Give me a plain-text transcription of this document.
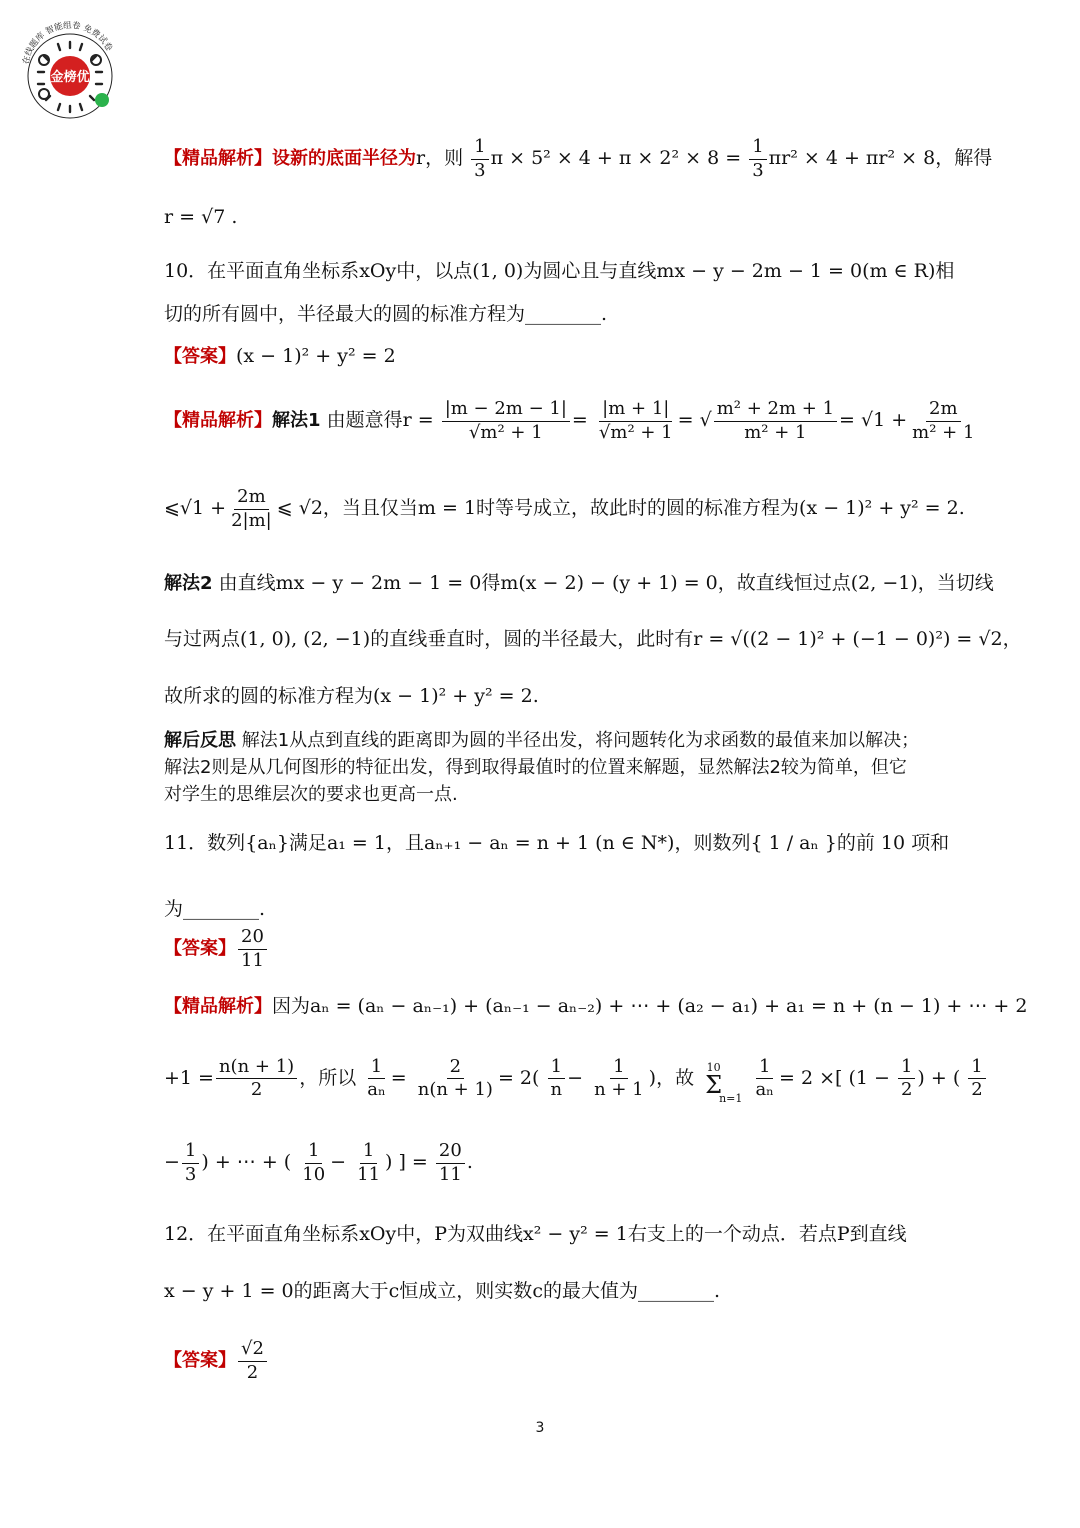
金榜优
在线题库 智能组卷 免费试卷
【精品解析】设新的底面半径为r，则 $\frac{1}{3}$ $\pi \times 5^2 \times 4 + \pi \times 2^2 \times 8 = \frac{1}{3} \pi r^2 \times 4 + \pi r^2 \times 8$，解得
r = √7 .
10．在平面直角坐标系xOy中，以点(1, 0)为圆心且与直线mx − y − 2m − 1 = 0(m ∈ R)相
切的所有圆中，半径最大的圆的标准方程为________.
【答案】(x − 1)² + y² = 2
【精品解析】解法1 由题意得$r = \frac{|m - 2m - 1|}{\text{√m² + 1}} = \frac{|m + 1|}{\text{√m² + 1}}$ = √ $\frac{\text{m² + 2m + 1}}{\text{m² + 1}} = √1 + \frac{2m}{\text{m² + 1}}$
⩽√1 + $\frac{2m}{2|m|}$ ⩽ √2，当且仅当m = 1时等号成立，故此时的圆的标准方程为(x − 1)² + y² = 2.
解法2 由直线mx − y − 2m − 1 = 0得m(x − 2) − (y + 1) = 0，故直线恒过点(2, −1)，当切线
与过两点(1, 0), (2, −1)的直线垂直时，圆的半径最大，此时有r = √((2 − 1)² + (−1 − 0)²) = √2，
故所求的圆的标准方程为(x − 1)² + y² = 2.
解后反思 解法1从点到直线的距离即为圆的半径出发，将问题转化为求函数的最值来加以解决；解法2则是从几何图形的特征出发，得到取得最值时的位置来解题，显然解法2较为简单，但它对学生的思维层次的要求也更高一点.
11．数列{aₙ}满足a₁ = 1，且aₙ₊₁ − aₙ = n + 1 (n ∈ N*)，则数列{ 1 / aₙ }的前 10 项和
为________.
【答案】 $\frac{20}{11}$
【精品解析】因为aₙ = (aₙ − aₙ₋₁) + (aₙ₋₁ − aₙ₋₂) + ⋯ + (a₂ − a₁) + a₁ = n + (n − 1) + ⋯ + 2
$+1 = \frac{n(n + 1)}{2}$ ，所以 $\frac{1}{\text{aₙ}} = \frac{2}{n(n + 1)} = 2( \frac{1}{n} - \frac{1}{n + 1}$ )，故 10
Σ
n=1
$\frac{1}{\text{aₙ}} = 2$ ×[ ($1 - \frac{1}{2}$ ) + ( $\frac{1}{2}$
− $\frac{1}{3}$ ) + ⋯ + ( $\frac{1}{10} - \frac{1}{11}$ ) ] = $\frac{20}{11}$ .
12．在平面直角坐标系xOy中，P为双曲线x² − y² = 1右支上的一个动点．若点P到直线
x − y + 1 = 0的距离大于c恒成立，则实数c的最大值为________.
【答案】 $\frac{√2}{2}$
3
